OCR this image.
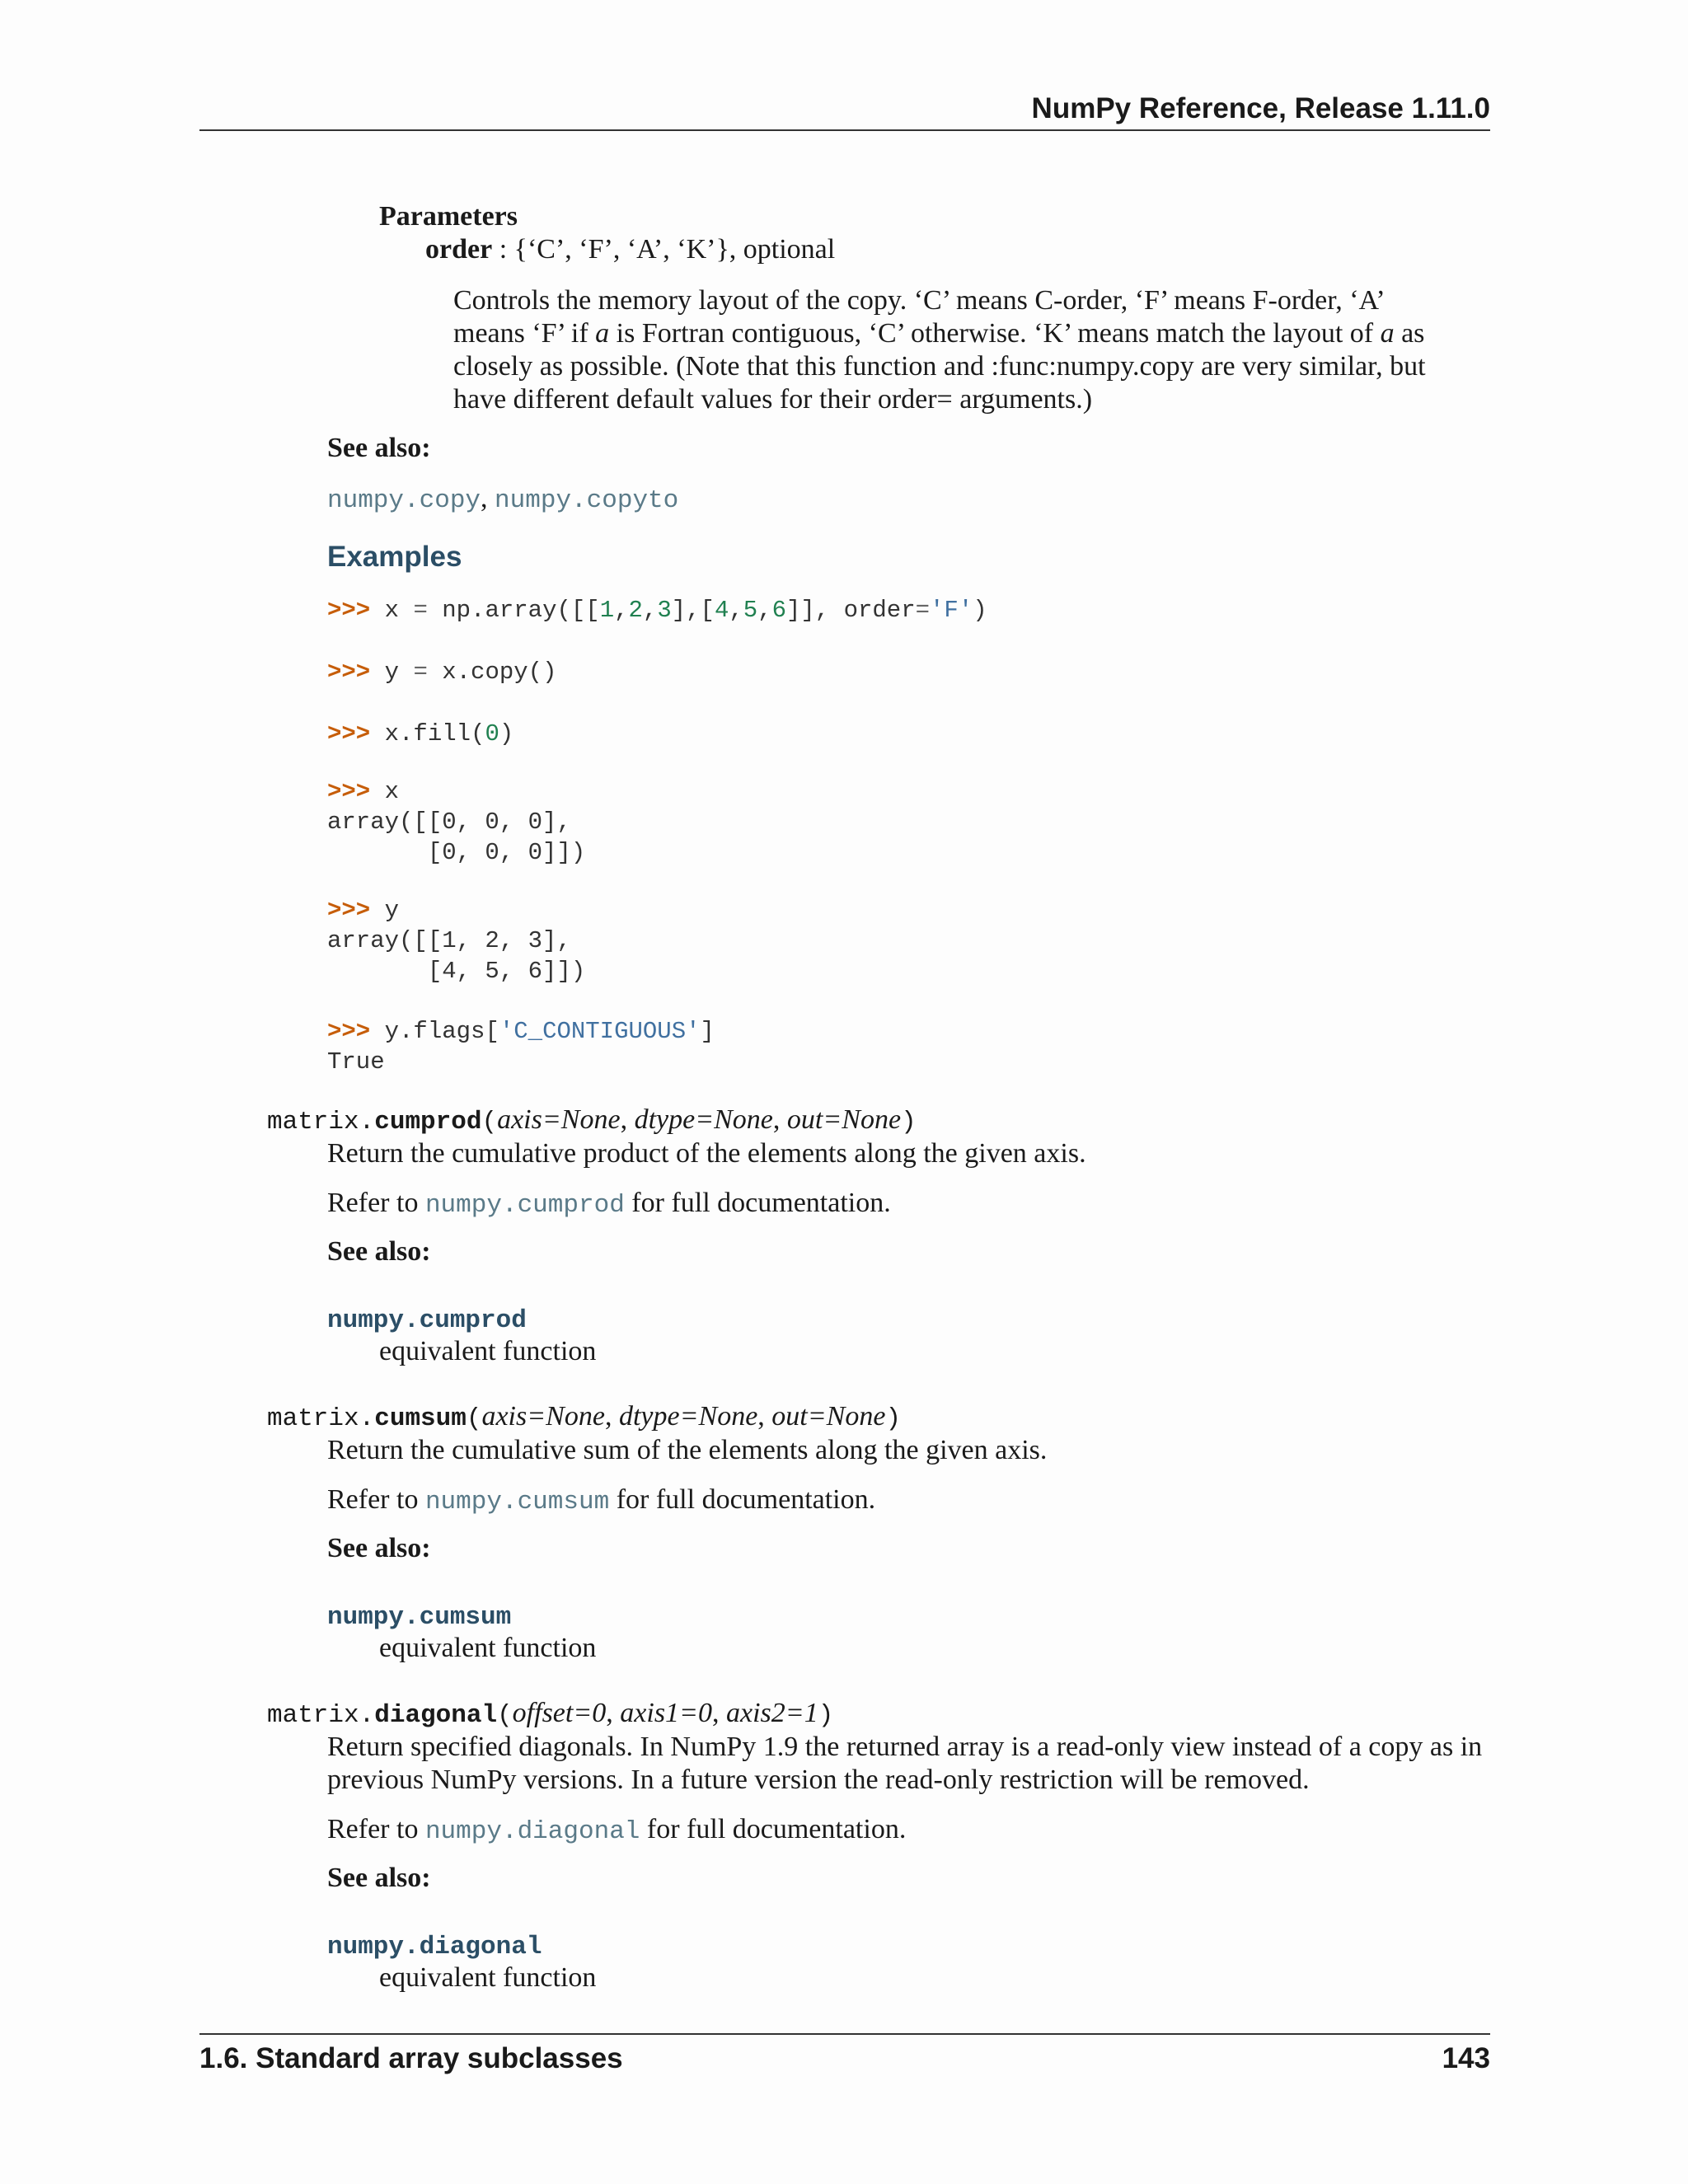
NumPy Reference, Release 1.11.0
Parameters
order : {‘C’, ‘F’, ‘A’, ‘K’}, optional
Controls the memory layout of the copy. ‘C’ means C-order, ‘F’ means F-order, ‘A’
means ‘F’ if a is Fortran contiguous, ‘C’ otherwise. ‘K’ means match the layout of a as
closely as possible. (Note that this function and :func:numpy.copy are very similar, but
have different default values for their order= arguments.)
See also:
numpy.copy, numpy.copyto
Examples
>>> x = np.array([[1,2,3],[4,5,6]], order='F')
>>> y = x.copy()
>>> x.fill(0)
>>> x
array([[0, 0, 0],
[0, 0, 0]])
>>> y
array([[1, 2, 3],
[4, 5, 6]])
>>> y.flags['C_CONTIGUOUS']
True
matrix.cumprod(axis=None, dtype=None, out=None)
Return the cumulative product of the elements along the given axis.
Refer to numpy.cumprod for full documentation.
See also:
numpy.cumprod
equivalent function
matrix.cumsum(axis=None, dtype=None, out=None)
Return the cumulative sum of the elements along the given axis.
Refer to numpy.cumsum for full documentation.
See also:
numpy.cumsum
equivalent function
matrix.diagonal(offset=0, axis1=0, axis2=1)
Return specified diagonals. In NumPy 1.9 the returned array is a read-only view instead of a copy as in
previous NumPy versions. In a future version the read-only restriction will be removed.
Refer to numpy.diagonal for full documentation.
See also:
numpy.diagonal
equivalent function
1.6. Standard array subclasses	143
